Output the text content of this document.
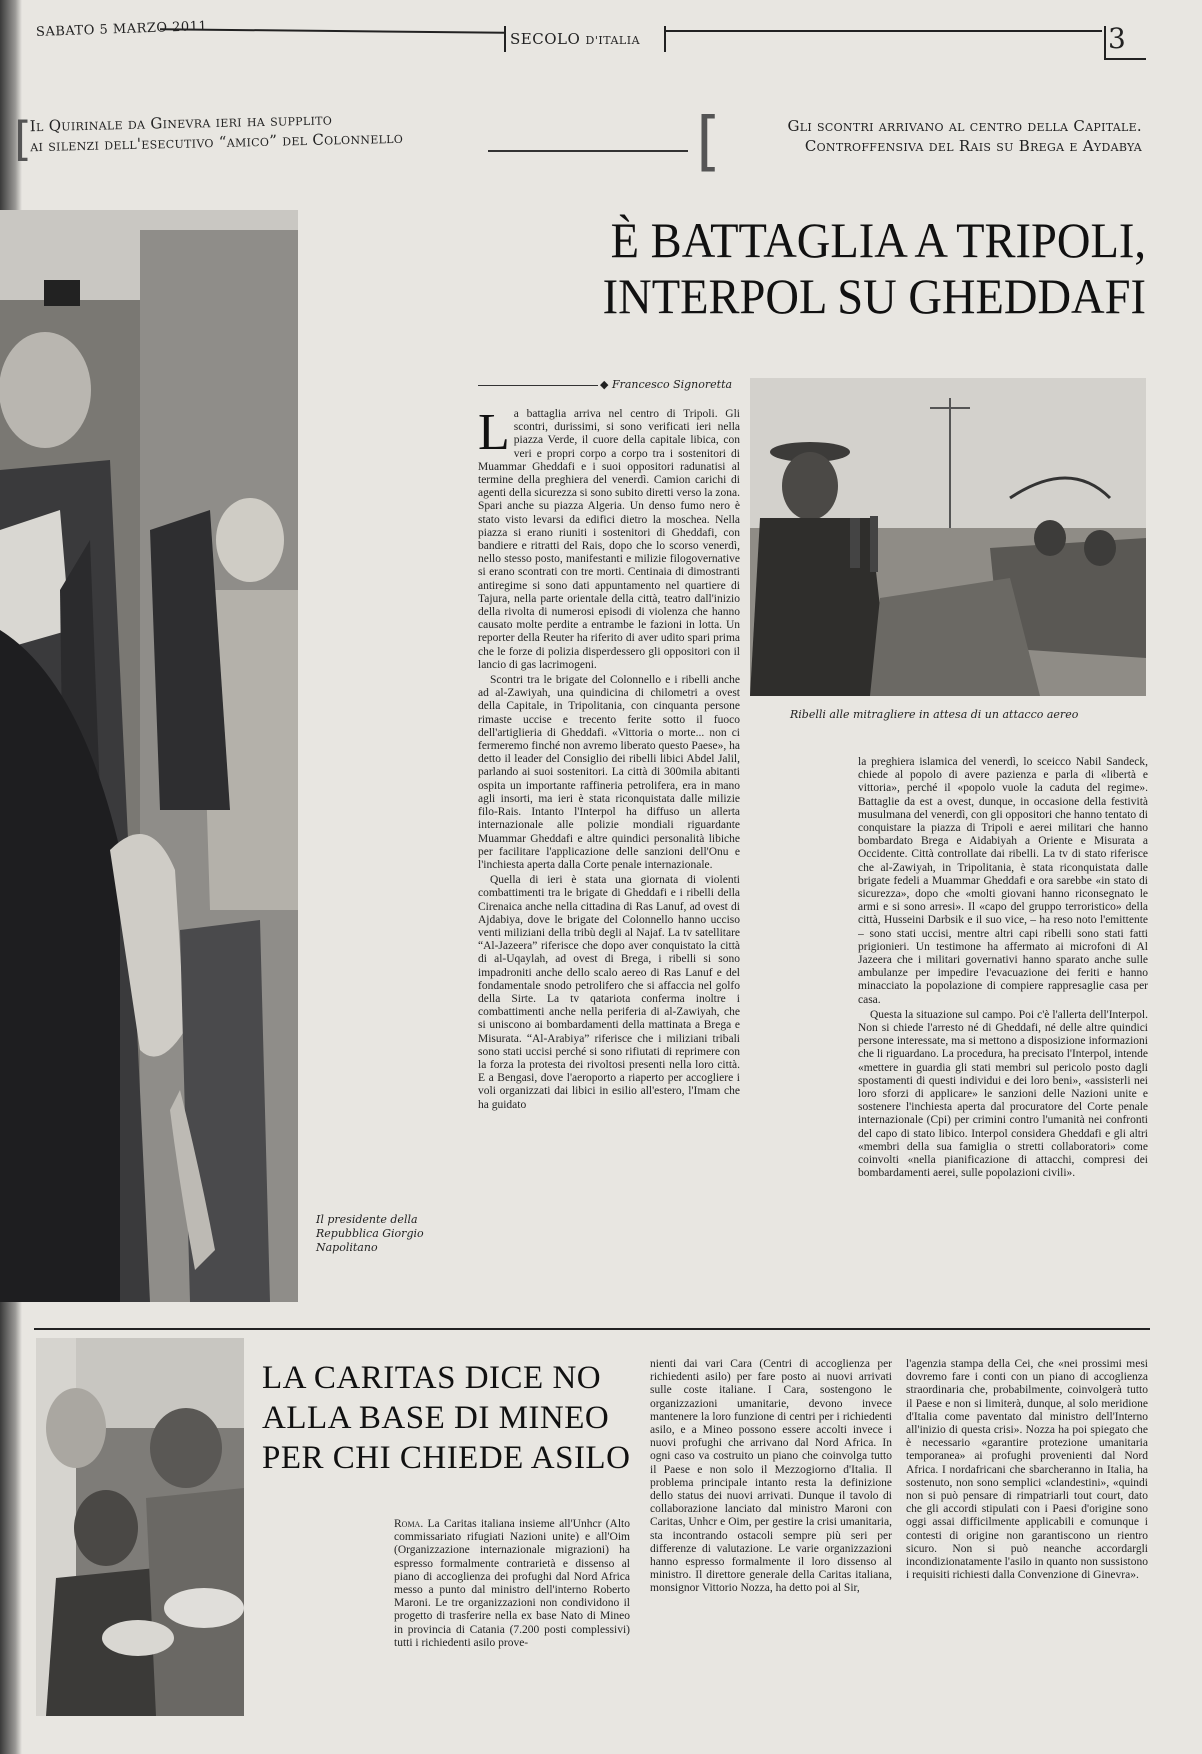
SABATO 5 MARZO 2011	SECOLO D'ITALIA	3
[
Il Quirinale da Ginevra ieri ha supplito
ai silenzi dell'esecutivo “amico” del Colonnello	[	Gli scontri arrivano al centro della Capitale.
Controffensiva del Rais su Brega e Aydabya
È BATTAGLIA A TRIPOLI,
INTERPOL SU GHEDDAFI
Il presidente della Repubblica Giorgio Napolitano
◆ Francesco Signoretta
Ribelli alle mitragliere in attesa di un attacco aereo

La battaglia arriva nel centro di Tripoli. Gli scontri, durissimi, si sono verificati ieri nella piazza Verde, il cuore della capitale libica, con veri e propri corpo a corpo tra i sostenitori di Muammar Gheddafi e i suoi oppositori radunatisi al termine della preghiera del venerdì. Camion carichi di agenti della sicurezza si sono subito diretti verso la zona. Spari anche su piazza Algeria. Un denso fumo nero è stato visto levarsi da edifici dietro la moschea. Nella piazza si erano riuniti i sostenitori di Gheddafi, con bandiere e ritratti del Rais, dopo che lo scorso venerdì, nello stesso posto, manifestanti e milizie filogovernative si erano scontrati con tre morti. Centinaia di dimostranti antiregime si sono dati appuntamento nel quartiere di Tajura, nella parte orientale della città, teatro dall'inizio della rivolta di numerosi episodi di violenza che hanno causato molte perdite a entrambe le fazioni in lotta. Un reporter della Reuter ha riferito di aver udito spari prima che le forze di polizia disperdessero gli oppositori con il lancio di gas lacrimogeni.

Scontri tra le brigate del Colonnello e i ribelli anche ad al-Zawiyah, una quindicina di chilometri a ovest della Capitale, in Tripolitania, con cinquanta persone rimaste uccise e trecento ferite sotto il fuoco dell'artiglieria di Gheddafi. «Vittoria o morte... non ci fermeremo finché non avremo liberato questo Paese», ha detto il leader del Consiglio dei ribelli libici Abdel Jalil, parlando ai suoi sostenitori. La città di 300mila abitanti ospita un importante raffineria petrolifera, era in mano agli insorti, ma ieri è stata riconquistata dalle milizie filo-Rais. Intanto l'Interpol ha diffuso un allerta internazionale alle polizie mondiali riguardante Muammar Gheddafi e altre quindici personalità libiche per facilitare l'applicazione delle sanzioni dell'Onu e l'inchiesta aperta dalla Corte penale internazionale.

Quella di ieri è stata una giornata di violenti combattimenti tra le brigate di Gheddafi e i ribelli della Cirenaica anche nella cittadina di Ras Lanuf, ad ovest di Ajdabiya, dove le brigate del Colonnello hanno ucciso venti miliziani della tribù degli al Najaf. La tv satellitare “Al-Jazeera” riferisce che dopo aver conquistato la città di al-Uqaylah, ad ovest di Brega, i ribelli si sono impadroniti anche dello scalo aereo di Ras Lanuf e del fondamentale snodo petrolifero che si affaccia nel golfo della Sirte. La tv qatariota conferma inoltre i combattimenti anche nella periferia di al-Zawiyah, che si uniscono ai bombardamenti della mattinata a Brega e Misurata. “Al-Arabiya” riferisce che i miliziani tribali sono stati uccisi perché si sono rifiutati di reprimere con la forza la protesta dei rivoltosi presenti nella loro città. E a Bengasi, dove l'aeroporto a riaperto per accogliere i voli organizzati dai libici in esilio all'estero, l'Imam che ha guidato

la preghiera islamica del venerdì, lo sceicco Nabil Sandeck, chiede al popolo di avere pazienza e parla di «libertà e vittoria», perché il «popolo vuole la caduta del regime». Battaglie da est a ovest, dunque, in occasione della festività musulmana del venerdì, con gli oppositori che hanno tentato di conquistare la piazza di Tripoli e aerei militari che hanno bombardato Brega e Aidabiyah a Oriente e Misurata a Occidente. Città controllate dai ribelli. La tv di stato riferisce che al-Zawiyah, in Tripolitania, è stata riconquistata dalle brigate fedeli a Muammar Gheddafi e ora sarebbe «in stato di sicurezza», dopo che «molti giovani hanno riconsegnato le armi e si sono arresi». Il «capo del gruppo terroristico» della città, Husseini Darbsik e il suo vice, – ha reso noto l'emittente – sono stati uccisi, mentre altri capi ribelli sono stati fatti prigionieri. Un testimone ha affermato ai microfoni di Al Jazeera che i militari governativi hanno sparato anche sulle ambulanze per impedire l'evacuazione dei feriti e hanno minacciato la popolazione di compiere rappresaglie casa per casa.

Questa la situazione sul campo. Poi c'è l'allerta dell'Interpol. Non si chiede l'arresto né di Gheddafi, né delle altre quindici persone interessate, ma si mettono a disposizione informazioni che li riguardano. La procedura, ha precisato l'Interpol, intende «mettere in guardia gli stati membri sul pericolo posto dagli spostamenti di questi individui e dei loro beni», «assisterli nei loro sforzi di applicare» le sanzioni delle Nazioni unite e sostenere l'inchiesta aperta dal procuratore del Corte penale internazionale (Cpi) per crimini contro l'umanità nei confronti del capo di stato libico. Interpol considera Gheddafi e gli altri «membri della sua famiglia o stretti collaboratori» come coinvolti «nella pianificazione di attacchi, compresi dei bombardamenti aerei, sulle popolazioni civili».

LA CARITAS DICE NO
ALLA BASE DI MINEO
PER CHI CHIEDE ASILO

Roma. La Caritas italiana insieme all'Unhcr (Alto commissariato rifugiati Nazioni unite) e all'Oim (Organizzazione internazionale migrazioni) ha espresso formalmente contrarietà e dissenso al piano di accoglienza dei profughi dal Nord Africa messo a punto dal ministro dell'interno Roberto Maroni. Le tre organizzazioni non condividono il progetto di trasferire nella ex base Nato di Mineo in provincia di Catania (7.200 posti complessivi) tutti i richiedenti asilo prove-

nienti dai vari Cara (Centri di accoglienza per richiedenti asilo) per fare posto ai nuovi arrivati sulle coste italiane. I Cara, sostengono le organizzazioni umanitarie, devono invece mantenere la loro funzione di centri per i richiedenti asilo, e a Mineo possono essere accolti invece i nuovi profughi che arrivano dal Nord Africa. In ogni caso va costruito un piano che coinvolga tutto il Paese e non solo il Mezzogiorno d'Italia. Il problema principale intanto resta la definizione dello status dei nuovi arrivati. Dunque il tavolo di collaborazione lanciato dal ministro Maroni con Caritas, Unhcr e Oim, per gestire la crisi umanitaria, sta incontrando ostacoli sempre più seri per differenze di valutazione. Le varie organizzazioni hanno espresso formalmente il loro dissenso al ministro. Il direttore generale della Caritas italiana, monsignor Vittorio Nozza, ha detto poi al Sir,

l'agenzia stampa della Cei, che «nei prossimi mesi dovremo fare i conti con un piano di accoglienza straordinaria che, probabilmente, coinvolgerà tutto il Paese e non si limiterà, dunque, al solo meridione d'Italia come paventato dal ministro dell'Interno all'inizio di questa crisi». Nozza ha poi spiegato che è necessario «garantire protezione umanitaria temporanea» ai profughi provenienti dal Nord Africa. I nordafricani che sbarcheranno in Italia, ha sostenuto, non sono semplici «clandestini», «quindi non si può pensare di rimpatriarli tout court, dato che gli accordi stipulati con i Paesi d'origine sono oggi assai difficilmente applicabili e comunque i contesti di origine non garantiscono un rientro sicuro. Non si può neanche accordargli incondizionatamente l'asilo in quanto non sussistono i requisiti richiesti dalla Convenzione di Ginevra».
